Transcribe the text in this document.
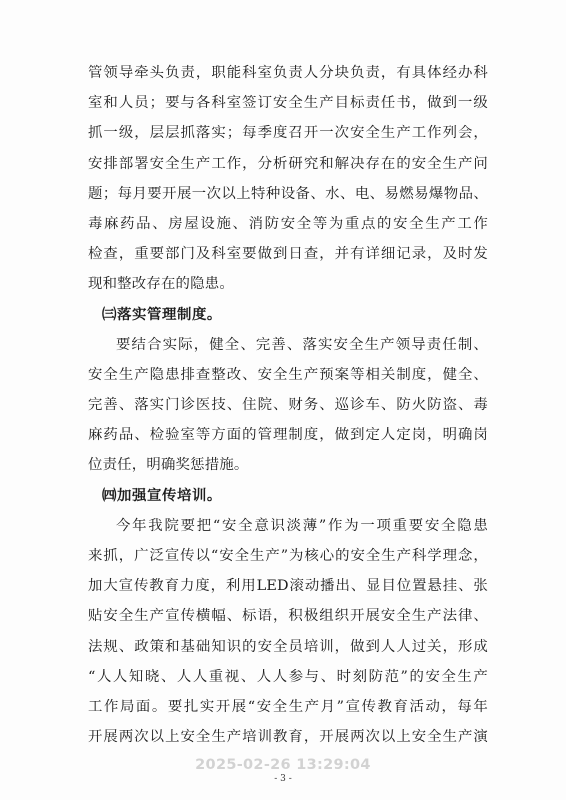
管领导牵头负责，职能科室负责人分块负责，有具体经办科
室和人员；要与各科室签订安全生产目标责任书，做到一级
抓一级，层层抓落实；每季度召开一次安全生产工作列会，
安排部署安全生产工作，分析研究和解决存在的安全生产问
题；每月要开展一次以上特种设备、水、电、易燃易爆物品、
毒麻药品、房屋设施、消防安全等为重点的安全生产工作
检查，重要部门及科室要做到日查，并有详细记录，及时发
现和整改存在的隐患。
㈢落实管理制度。
要结合实际，健全、完善、落实安全生产领导责任制、
安全生产隐患排查整改、安全生产预案等相关制度，健全、
完善、落实门诊医技、住院、财务、巡诊车、防火防盗、毒
麻药品、检验室等方面的管理制度，做到定人定岗，明确岗
位责任，明确奖惩措施。
㈣加强宣传培训。
今年我院要把“安全意识淡薄”作为一项重要安全隐患
来抓，广泛宣传以“安全生产”为核心的安全生产科学理念，
加大宣传教育力度，利用LED滚动播出、显目位置悬挂、张
贴安全生产宣传横幅、标语，积极组织开展安全生产法律、
法规、政策和基础知识的安全员培训，做到人人过关，形成
“人人知晓、人人重视、人人参与、时刻防范”的安全生产
工作局面。要扎实开展“安全生产月”宣传教育活动，每年
开展两次以上安全生产培训教育，开展两次以上安全生产演
2025-02-26 13:29:04
- 3 -
